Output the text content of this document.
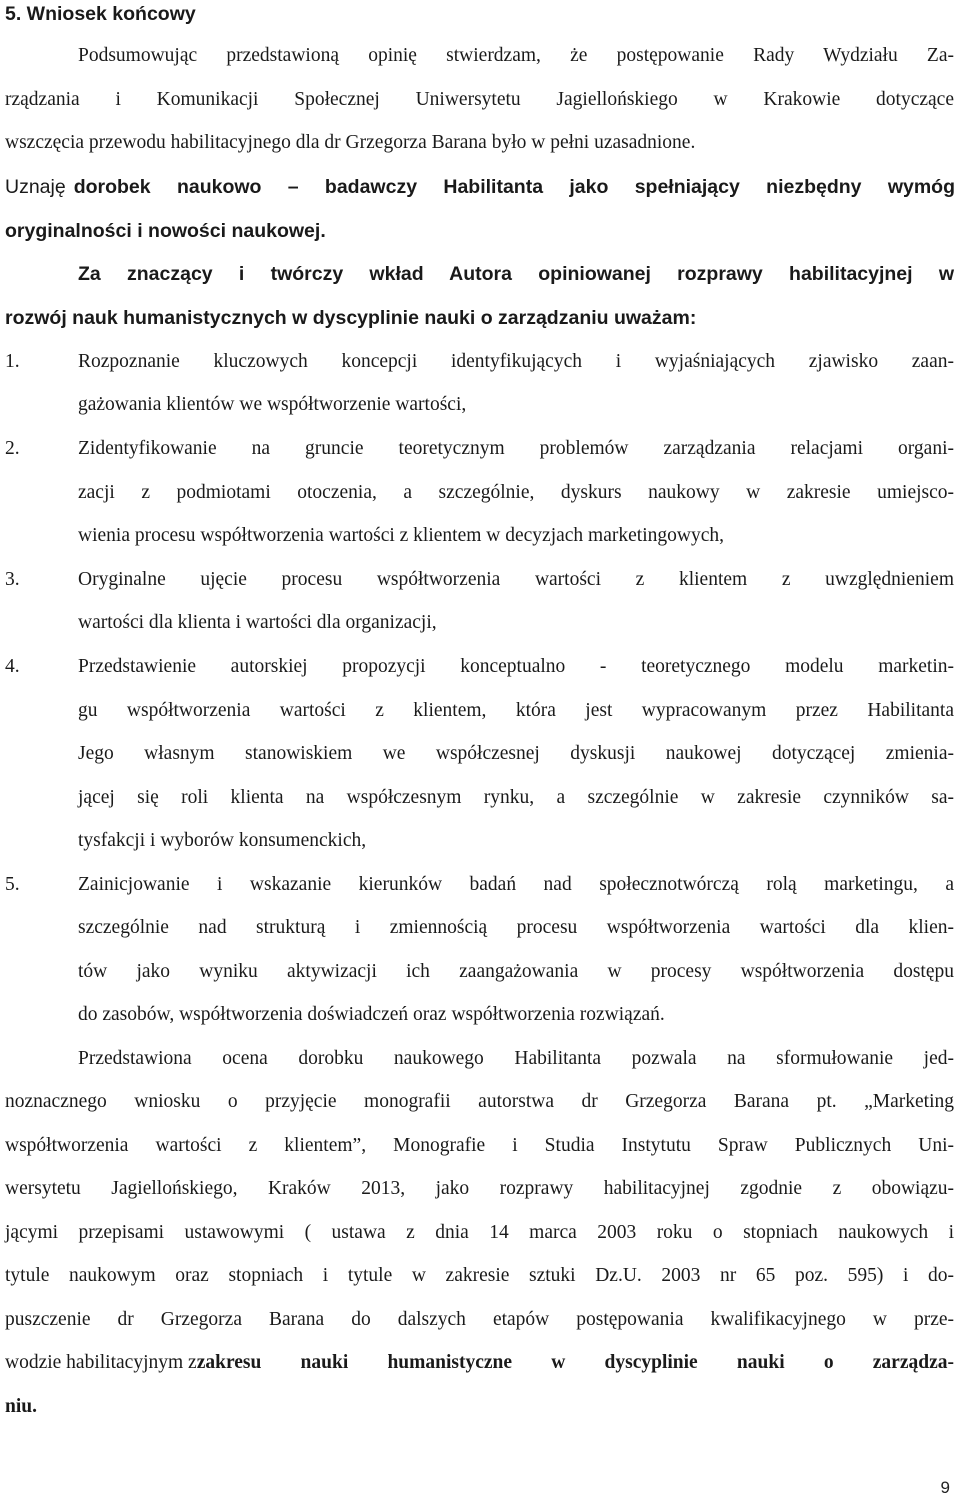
5. Wniosek końcowy
Podsumowując przedstawioną opinię stwierdzam, że postępowanie Rady Wydziału Za-
rządzania i Komunikacji Społecznej Uniwersytetu Jagiellońskiego w Krakowie dotyczące
wszczęcia przewodu habilitacyjnego dla dr Grzegorza Barana było w pełni uzasadnione.
Uznaję dorobek naukowo – badawczy Habilitanta jako spełniający niezbędny wymóg
oryginalności i nowości naukowej.
Za znaczący i twórczy wkład Autora opiniowanej rozprawy habilitacyjnej w
rozwój nauk humanistycznych w dyscyplinie nauki o zarządzaniu uważam:
1.	Rozpoznanie kluczowych koncepcji identyfikujących i wyjaśniających zjawisko zaan-
gażowania klientów we współtworzenie wartości,
2.	Zidentyfikowanie na gruncie teoretycznym problemów zarządzania relacjami organi-
zacji z podmiotami otoczenia, a szczególnie, dyskurs naukowy w zakresie umiejsco-
wienia procesu współtworzenia wartości z klientem w decyzjach marketingowych,
3.	Oryginalne ujęcie procesu współtworzenia wartości z klientem z uwzględnieniem
wartości dla klienta i wartości dla organizacji,
4.	Przedstawienie autorskiej propozycji konceptualno - teoretycznego modelu marketin-
gu współtworzenia wartości z klientem, która jest wypracowanym przez Habilitanta
Jego własnym stanowiskiem we współczesnej dyskusji naukowej dotyczącej zmienia-
jącej się roli klienta na współczesnym rynku, a szczególnie w zakresie czynników sa-
tysfakcji i wyborów konsumenckich,
5.	Zainicjowanie i wskazanie kierunków badań nad społecznotwórczą rolą marketingu, a
szczególnie nad strukturą i zmiennością procesu współtworzenia wartości dla klien-
tów jako wyniku aktywizacji ich zaangażowania w procesy współtworzenia dostępu
do zasobów, współtworzenia doświadczeń oraz współtworzenia rozwiązań.
Przedstawiona ocena dorobku naukowego Habilitanta pozwala na sformułowanie jed-
noznacznego wniosku o przyjęcie monografii autorstwa dr Grzegorza Barana pt. „Marketing
współtworzenia wartości z klientem”, Monografie i Studia Instytutu Spraw Publicznych Uni-
wersytetu Jagiellońskiego, Kraków 2013, jako rozprawy habilitacyjnej zgodnie z obowiązu-
jącymi przepisami ustawowymi ( ustawa z dnia 14 marca 2003 roku o stopniach naukowych i
tytule naukowym oraz stopniach i tytule w zakresie sztuki Dz.U. 2003 nr 65 poz. 595) i do-
puszczenie dr Grzegorza Barana do dalszych etapów postępowania kwalifikacyjnego w prze-
wodzie habilitacyjnym z zakresu nauki humanistyczne w dyscyplinie nauki o zarządza-
niu.
9
